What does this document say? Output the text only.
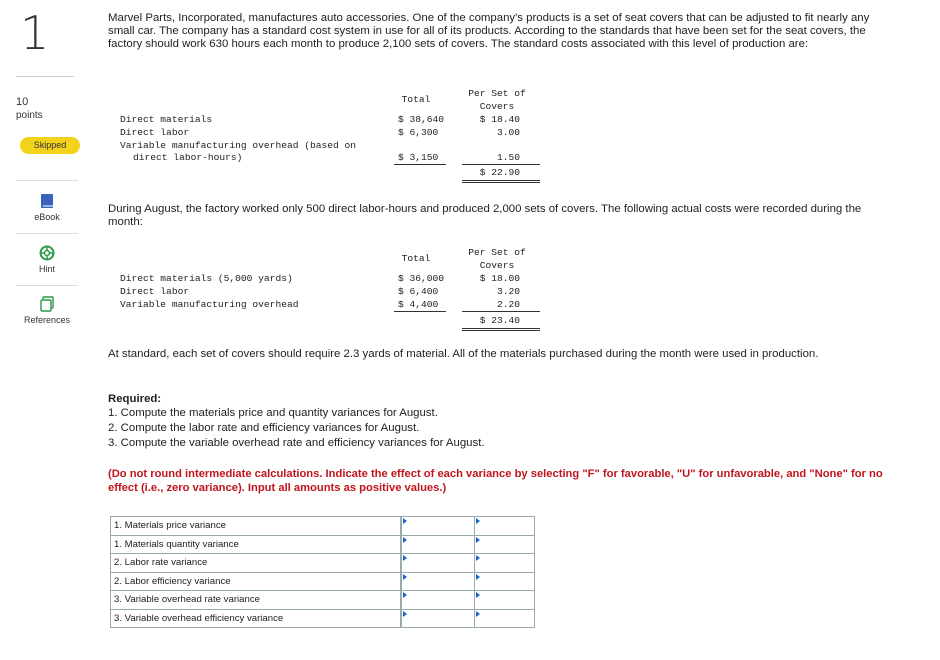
1
10
points
Skipped
eBook
Hint
References
Marvel Parts, Incorporated, manufactures auto accessories. One of the company's products is a set of seat covers that can be adjusted to fit nearly any small car. The company has a standard cost system in use for all of its products. According to the standards that have been set for the seat covers, the factory should work 630 hours each month to produce 2,100 sets of covers. The standard costs associated with this level of production are:
Total
Per Set of
Covers
Direct materials	$ 38,640	$ 18.40
Direct labor	$ 6,300	3.00
Variable manufacturing overhead (based on
direct labor-hours)	$ 3,150	1.50
$ 22.90
During August, the factory worked only 500 direct labor-hours and produced 2,000 sets of covers. The following actual costs were recorded during the month:
Total
Per Set of
Covers
Direct materials (5,000 yards)	$ 36,000	$ 18.00
Direct labor	$ 6,400	3.20
Variable manufacturing overhead	$ 4,400	2.20
$ 23.40
At standard, each set of covers should require 2.3 yards of material. All of the materials purchased during the month were used in production.
Required:
1. Compute the materials price and quantity variances for August.
2. Compute the labor rate and efficiency variances for August.
3. Compute the variable overhead rate and efficiency variances for August.
(Do not round intermediate calculations. Indicate the effect of each variance by selecting "F" for favorable, "U" for unfavorable, and "None" for no effect (i.e., zero variance). Input all amounts as positive values.)
1. Materials price variance		

1. Materials quantity variance		

2. Labor rate variance		

2. Labor efficiency variance		

3. Variable overhead rate variance		

3. Variable overhead efficiency variance		
